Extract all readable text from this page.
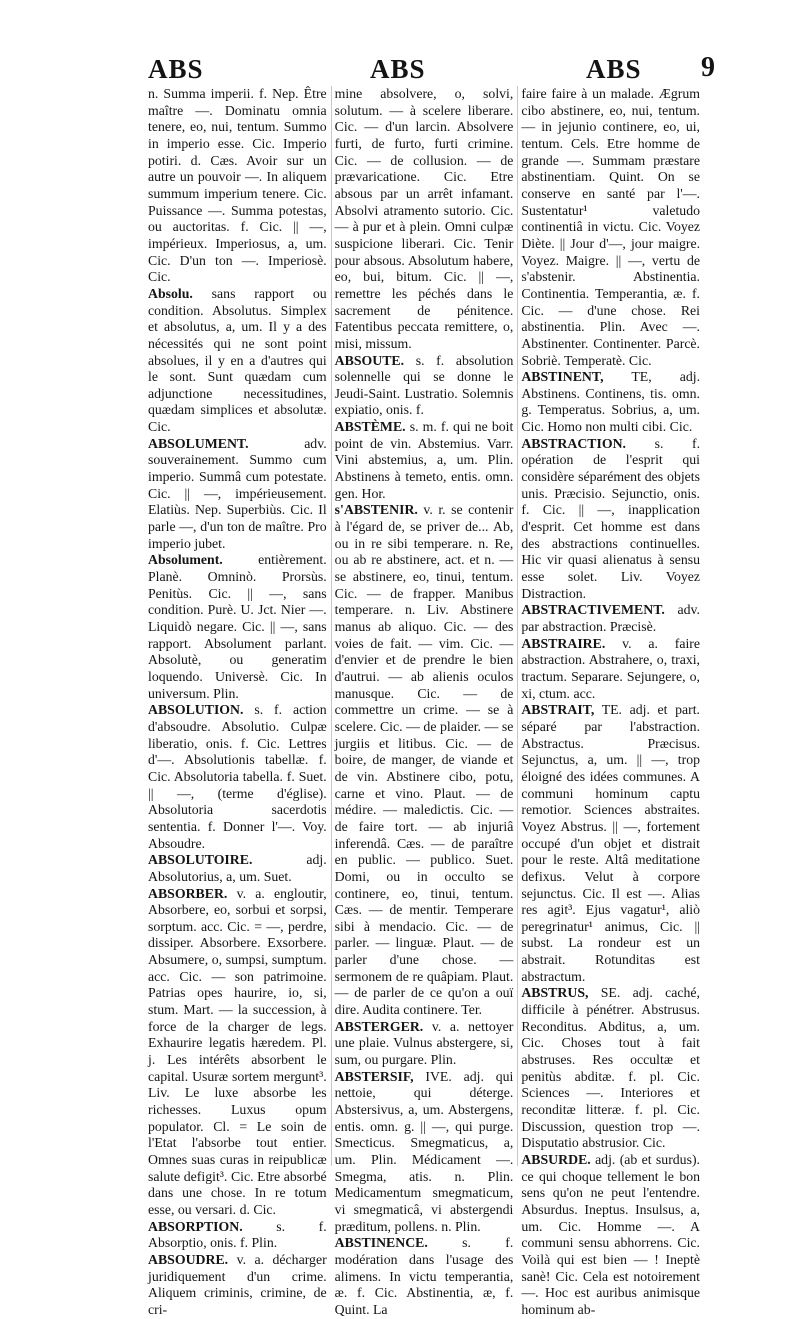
ABS	ABS	ABS 9

n. Summa imperii. f. Nep. Être maître —. Dominatu omnia tenere, eo, nui, tentum. Summo in imperio esse. Cic. Imperio potiri. d. Cæs. Avoir sur un autre un pouvoir —. In aliquem summum imperium tenere. Cic. Puissance —. Summa potestas, ou auctoritas. f. Cic. || —, impérieux. Imperiosus, a, um. Cic. D'un ton —. Imperiosè. Cic.

Absolu. sans rapport ou condition. Absolutus. Simplex et absolutus, a, um. Il y a des nécessités qui ne sont point absolues, il y en a d'autres qui le sont. Sunt quædam cum adjunctione necessitudines, quædam simplices et absolutæ. Cic.

ABSOLUMENT.	adv. souverainement. Summo cum imperio. Summâ cum potestate. Cic. || —, impérieusement. Elatiùs. Nep. Superbiùs. Cic. Il parle —, d'un ton de maître. Pro imperio jubet.

Absolument.	entièrement. Planè. Omninò. Prorsùs. Penitùs. Cic. || —, sans condition. Purè. U. Jct. Nier —. Liquidò negare. Cic. || —, sans rapport. Absolument parlant. Absolutè, ou generatim loquendo. Universè. Cic. In universum. Plin.

ABSOLUTION. s. f. action d'absoudre. Absolutio. Culpæ liberatio, onis. f. Cic. Lettres d'—. Absolutionis tabellæ. f. Cic. Absolutoria tabella. f. Suet. || —, (terme d'église). Absolutoria sacerdotis sententia. f. Donner l'—. Voy. Absoudre.

ABSOLUTOIRE.	adj. Absolutorius, a, um. Suet.

ABSORBER. v. a. engloutir, Absorbere, eo, sorbui et sorpsi, sorptum. acc. Cic. = —, perdre, dissiper. Absorbere. Exsorbere. Absumere, o, sumpsi, sumptum. acc. Cic. — son patrimoine. Patrias opes haurire, io, si, stum. Mart. — la succession, à force de la charger de legs. Exhaurire legatis hæredem. Pl. j. Les intérêts absorbent le capital. Usuræ sortem mergunt³. Liv. Le luxe absorbe les richesses. Luxus opum populator. Cl. = Le soin de l'Etat l'absorbe tout entier. Omnes suas curas in reipublicæ salute defigit³. Cic. Etre absorbé dans une chose. In re totum esse, ou versari. d. Cic.

ABSORPTION. s. f. Absorptio, onis. f. Plin.

ABSOUDRE. v. a. décharger juridiquement d'un crime. Aliquem criminis, crimine, de cri-

mine absolvere, o, solvi, solutum. — à scelere liberare. Cic. — d'un larcin. Absolvere furti, de furto, furti crimine. Cic. — de collusion. — de prævaricatione. Cic. Etre absous par un arrêt infamant. Absolvi atramento sutorio. Cic. — à pur et à plein. Omni culpæ suspicione liberari. Cic. Tenir pour absous. Absolutum habere, eo, bui, bitum. Cic. || —, remettre les péchés dans le sacrement de pénitence. Fatentibus peccata remittere, o, misi, missum.

ABSOUTE. s. f. absolution solennelle qui se donne le Jeudi-Saint. Lustratio. Solemnis expiatio, onis. f.

ABSTÈME. s. m. f. qui ne boit point de vin. Abstemius. Varr. Vini abstemius, a, um. Plin. Abstinens à temeto, entis. omn. gen. Hor.

s'ABSTENIR. v. r. se contenir à l'égard de, se priver de... Ab, ou in re sibi temperare. n. Re, ou ab re abstinere, act. et n. — se abstinere, eo, tinui, tentum. Cic. — de frapper. Manibus temperare. n. Liv. Abstinere manus ab aliquo. Cic. — des voies de fait. — vim. Cic. — d'envier et de prendre le bien d'autrui. — ab alienis oculos manusque. Cic. — de commettre un crime. — se à scelere. Cic. — de plaider. — se jurgiis et litibus. Cic. — de boire, de manger, de viande et de vin. Abstinere cibo, potu, carne et vino. Plaut. — de médire. — maledictis. Cic. — de faire tort. — ab injuriâ inferendâ. Cæs. — de paraître en public. — publico. Suet. Domi, ou in occulto se continere, eo, tinui, tentum. Cæs. — de mentir. Temperare sibi à mendacio. Cic. — de parler. — linguæ. Plaut. — de parler d'une chose. — sermonem de re quâpiam. Plaut. — de parler de ce qu'on a ouï dire. Audita continere. Ter.

ABSTERGER. v. a. nettoyer une plaie. Vulnus abstergere, si, sum, ou purgare. Plin.

ABSTERSIF, IVE. adj. qui nettoie, qui déterge. Abstersivus, a, um. Abstergens, entis. omn. g. || —, qui purge. Smecticus. Smegmaticus, a, um. Plin. Médicament —. Smegma, atis. n. Plin. Medicamentum smegmaticum, vi smegmaticâ, vi abstergendi præditum, pollens. n. Plin.

ABSTINENCE. s. f. modération dans l'usage des alimens. In victu temperantia, æ. f. Cic. Abstinentia, æ, f. Quint. La

faire faire à un malade. Ægrum cibo abstinere, eo, nui, tentum. — in jejunio continere, eo, ui, tentum. Cels. Etre homme de grande —. Summam præstare abstinentiam. Quint. On se conserve en santé par l'—. Sustentatur¹ valetudo continentiâ in victu. Cic. Voyez Diète. || Jour d'—, jour maigre. Voyez. Maigre. || —, vertu de s'abstenir. Abstinentia. Continentia. Temperantia, æ. f. Cic. — d'une chose. Rei abstinentia. Plin. Avec —. Abstinenter. Continenter. Parcè. Sobriè. Temperatè. Cic.

ABSTINENT, TE, adj. Abstinens. Continens, tis. omn. g. Temperatus. Sobrius, a, um. Cic. Homo non multi cibi. Cic.

ABSTRACTION. s. f. opération de l'esprit qui considère séparément des objets unis. Præcisio. Sejunctio, onis. f. Cic. || —, inapplication d'esprit. Cet homme est dans des abstractions continuelles. Hic vir quasi alienatus à sensu esse solet. Liv. Voyez Distraction.

ABSTRACTIVEMENT. adv. par abstraction. Præcisè.

ABSTRAIRE. v. a. faire abstraction. Abstrahere, o, traxi, tractum. Separare. Sejungere, o, xi, ctum. acc.

ABSTRAIT, TE. adj. et part. séparé par l'abstraction. Abstractus. Præcisus. Sejunctus, a, um. || —, trop éloigné des idées communes. A communi hominum captu remotior. Sciences abstraites. Voyez Abstrus. || —, fortement occupé d'un objet et distrait pour le reste. Altâ meditatione defixus. Velut à corpore sejunctus. Cic. Il est —. Alias res agit³. Ejus vagatur¹, aliò peregrinatur¹ animus, Cic. || subst. La rondeur est un abstrait. Rotunditas est abstractum.

ABSTRUS, SE. adj. caché, difficile à pénétrer. Abstrusus. Reconditus. Abditus, a, um. Cic. Choses tout à fait abstruses. Res occultæ et penitùs abditæ. f. pl. Cic. Sciences —. Interiores et reconditæ litteræ. f. pl. Cic. Discussion, question trop —. Disputatio abstrusior. Cic.

ABSURDE. adj. (ab et surdus). ce qui choque tellement le bon sens qu'on ne peut l'entendre. Absurdus. Ineptus. Insulsus, a, um. Cic. Homme —. A communi sensu abhorrens. Cic. Voilà qui est bien — ! Ineptè sanè! Cic. Cela est notoirement —. Hoc est auribus animisque hominum ab-
